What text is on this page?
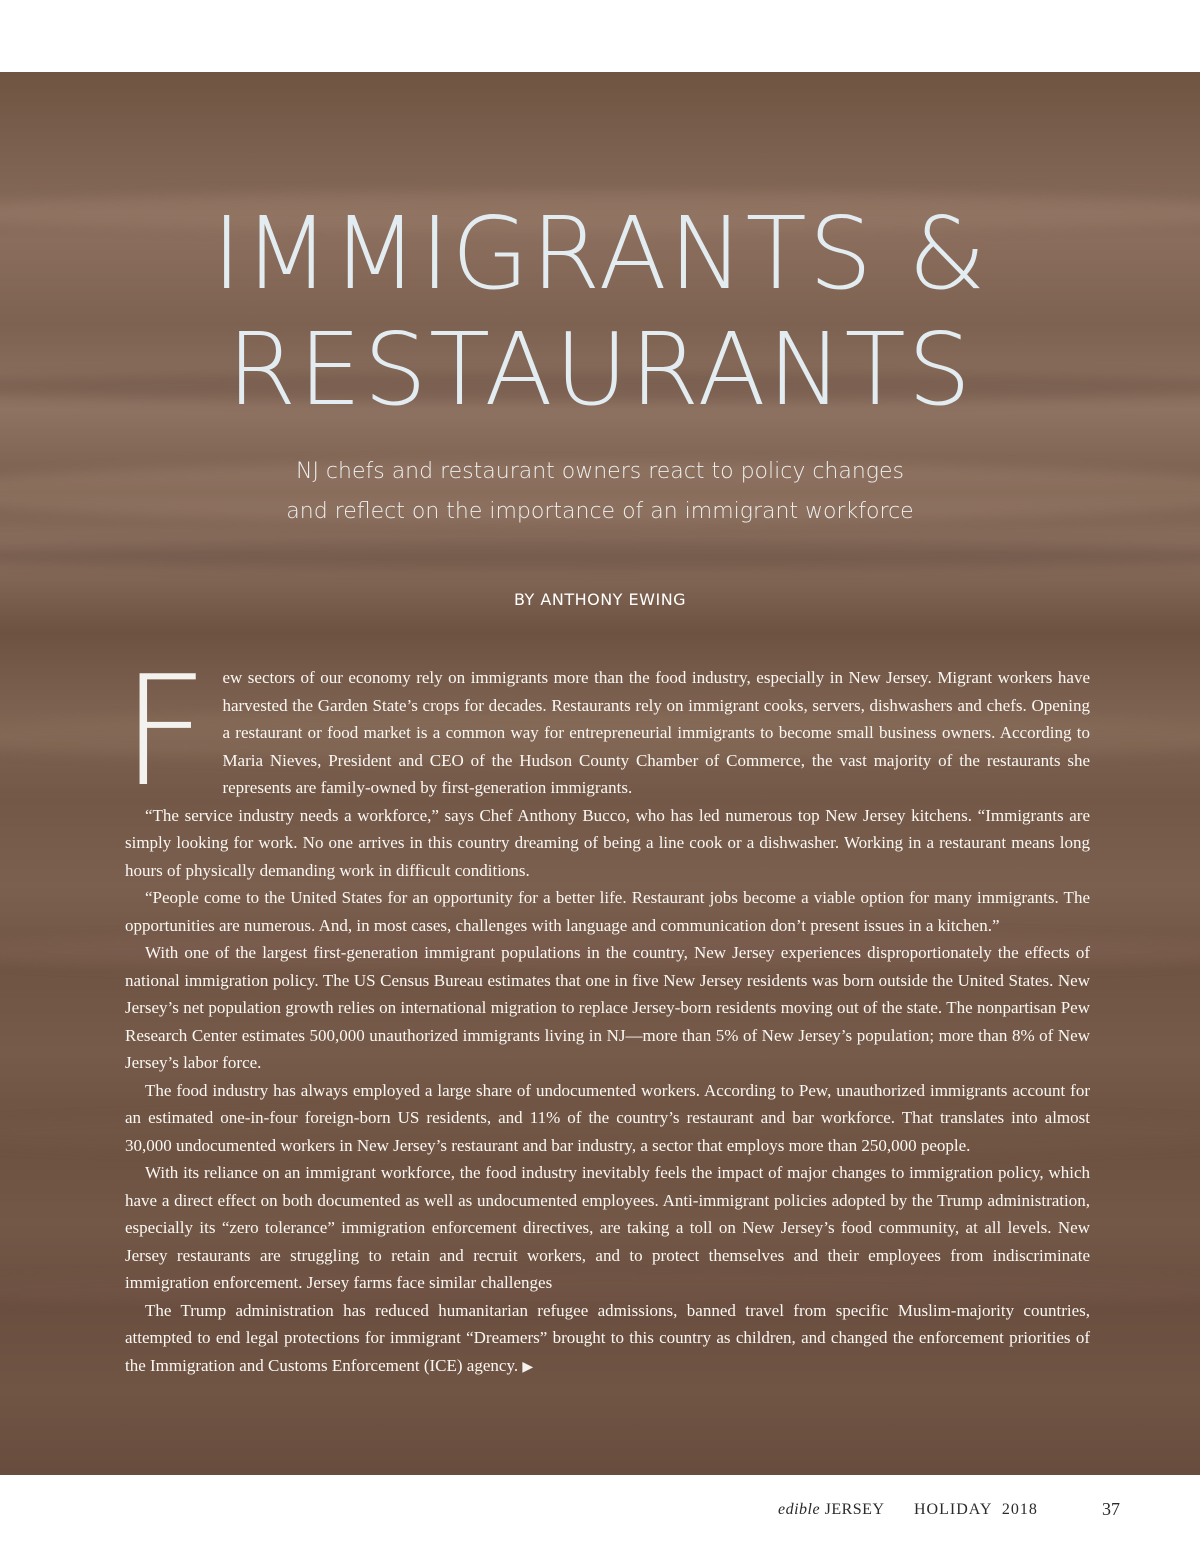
IMMIGRANTS &
RESTAURANTS
NJ chefs and restaurant owners react to policy changes
and reflect on the importance of an immigrant workforce
BY ANTHONY EWING

Few sectors of our economy rely on immigrants more than the food industry, especially in New Jersey. Migrant workers have harvested the Garden State’s crops for decades. Restaurants rely on immigrant cooks, servers, dishwashers and chefs. Opening a restaurant or food market is a common way for entrepreneurial immigrants to become small business owners. According to Maria Nieves, President and CEO of the Hudson County Chamber of Commerce, the vast majority of the restaurants she represents are family-owned by first-generation immigrants.

“The service industry needs a workforce,” says Chef Anthony Bucco, who has led numerous top New Jersey kitchens. “Immigrants are simply looking for work. No one arrives in this country dreaming of being a line cook or a dishwasher. Working in a restaurant means long hours of physically demanding work in difficult conditions.

“People come to the United States for an opportunity for a better life. Restaurant jobs become a viable option for many immigrants. The opportunities are numerous. And, in most cases, challenges with language and communication don’t present issues in a kitchen.”

With one of the largest first-generation immigrant populations in the country, New Jersey experiences disproportionately the effects of national immigration policy. The US Census Bureau estimates that one in five New Jersey residents was born outside the United States. New Jersey’s net population growth relies on international migration to replace Jersey-born residents moving out of the state. The nonpartisan Pew Research Center estimates 500,000 unauthorized immigrants living in NJ—more than 5% of New Jersey’s population; more than 8% of New Jersey’s labor force.

The food industry has always employed a large share of undocumented workers. According to Pew, unauthorized immigrants account for an estimated one-in-four foreign-born US residents, and 11% of the country’s restaurant and bar workforce. That translates into almost 30,000 undocumented workers in New Jersey’s restaurant and bar industry, a sector that employs more than 250,000 people.

With its reliance on an immigrant workforce, the food industry inevitably feels the impact of major changes to immigration policy, which have a direct effect on both documented as well as undocumented employees. Anti-immigrant policies adopted by the Trump administration, especially its “zero tolerance” immigration enforcement directives, are taking a toll on New Jersey’s food community, at all levels. New Jersey restaurants are struggling to retain and recruit workers, and to protect themselves and their employees from indiscriminate immigration enforcement. Jersey farms face similar challenges

The Trump administration has reduced humanitarian refugee admissions, banned travel from specific Muslim-majority countries, attempted to end legal protections for immigrant “Dreamers” brought to this country as children, and changed the enforcement priorities of the Immigration and Customs Enforcement (ICE) agency. ▶

edible JERSEY HOLIDAY  2018	37
